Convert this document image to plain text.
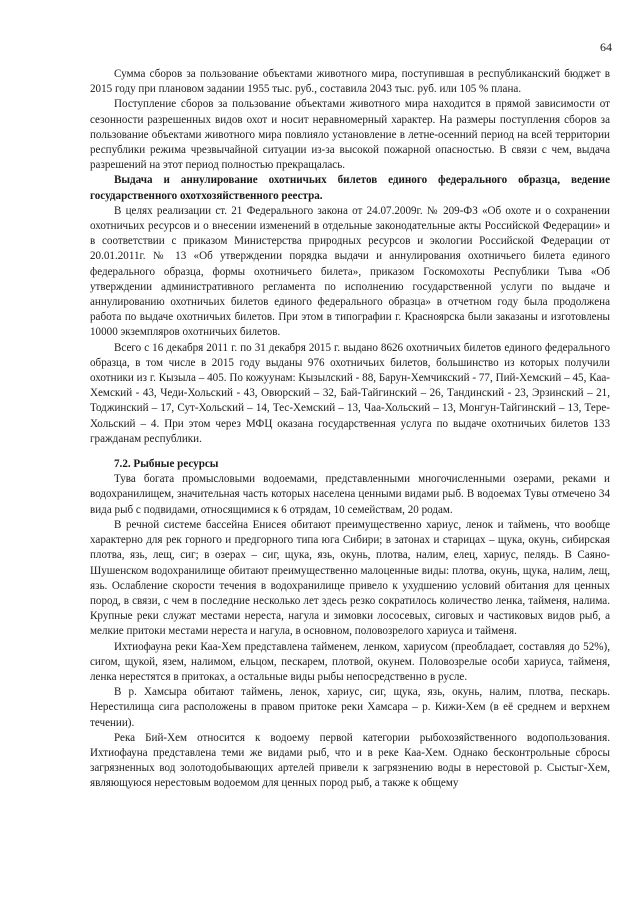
64

Сумма сборов за пользование объектами животного мира, поступившая в республиканский бюджет в 2015 году при плановом задании 1955 тыс. руб., составила 2043 тыс. руб. или 105 % плана.

Поступление сборов за пользование объектами животного мира находится в прямой зависимости от сезонности разрешенных видов охот и носит неравномерный характер. На размеры поступления сборов за пользование объектами животного мира повлияло установление в летне-осенний период на всей территории республики режима чрезвычайной ситуации из-за высокой пожарной опасностью. В связи с чем, выдача разрешений на этот период полностью прекращалась.

Выдача и аннулирование охотничьих билетов единого федерального образца, ведение государственного охотхозяйственного реестра.

В целях реализации ст. 21 Федерального закона от 24.07.2009г. № 209-ФЗ «Об охоте и о сохранении охотничьих ресурсов и о внесении изменений в отдельные законодательные акты Российской Федерации» и в соответствии с приказом Министерства природных ресурсов и экологии Российской Федерации от 20.01.2011г. № 13 «Об утверждении порядка выдачи и аннулирования охотничьего билета единого федерального образца, формы охотничьего билета», приказом Госкомохоты Республики Тыва «Об утверждении административного регламента по исполнению государственной услуги по выдаче и аннулированию охотничьих билетов единого федерального образца» в отчетном году была продолжена работа по выдаче охотничьих билетов. При этом в типографии г. Красноярска были заказаны и изготовлены 10000 экземпляров охотничьих билетов.

Всего с 16 декабря 2011 г. по 31 декабря 2015 г. выдано 8626 охотничьих билетов единого федерального образца, в том числе в 2015 году выданы 976 охотничьих билетов, большинство из которых получили охотники из г. Кызыла – 405. По кожуунам: Кызылский - 88, Барун-Хемчикский - 77, Пий-Хемский – 45, Каа-Хемский - 43, Чеди-Хольский - 43, Овюрский – 32, Бай-Тайгинский – 26, Тандинский - 23, Эрзинский – 21, Тоджинский – 17, Сут-Хольский – 14, Тес-Хемский – 13, Чаа-Хольский – 13, Монгун-Тайгинский – 13, Тере-Хольский – 4. При этом через МФЦ оказана государственная услуга по выдаче охотничьих билетов 133 гражданам республики.

7.2. Рыбные ресурсы

Тува богата промысловыми водоемами, представленными многочисленными озерами, реками и водохранилищем, значительная часть которых населена ценными видами рыб. В водоемах Тувы отмечено 34 вида рыб с подвидами, относящимися к 6 отрядам, 10 семействам, 20 родам.

В речной системе бассейна Енисея обитают преимущественно хариус, ленок и таймень, что вообще характерно для рек горного и предгорного типа юга Сибири; в затонах и старицах – щука, окунь, сибирская плотва, язь, лещ, сиг; в озерах – сиг, щука, язь, окунь, плотва, налим, елец, хариус, пелядь. В Саяно-Шушенском водохранилище обитают преимущественно малоценные виды: плотва, окунь, щука, налим, лещ, язь. Ослабление скорости течения в водохранилище привело к ухудшению условий обитания для ценных пород, в связи, с чем в последние несколько лет здесь резко сократилось количество ленка, тайменя, налима. Крупные реки служат местами нереста, нагула и зимовки лососевых, сиговых и частиковых видов рыб, а мелкие притоки местами нереста и нагула, в основном, половозрелого хариуса и тайменя.

Ихтиофауна реки Каа-Хем представлена тайменем, ленком, хариусом (преобладает, составляя до 52%), сигом, щукой, язем, налимом, ельцом, пескарем, плотвой, окунем. Половозрелые особи хариуса, тайменя, ленка нерестятся в притоках, а остальные виды рыбы непосредственно в русле.

В р. Хамсыра обитают таймень, ленок, хариус, сиг, щука, язь, окунь, налим, плотва, пескарь. Нерестилища сига расположены в правом притоке реки Хамсара – р. Кижи-Хем (в её среднем и верхнем течении).

Река Бий-Хем относится к водоему первой категории рыбохозяйственного водопользования. Ихтиофауна представлена теми же видами рыб, что и в реке Каа-Хем. Однако бесконтрольные сбросы загрязненных вод золотодобывающих артелей привели к загрязнению воды в нерестовой р. Сыстыг-Хем, являющуюся нерестовым водоемом для ценных пород рыб, а также к общему
